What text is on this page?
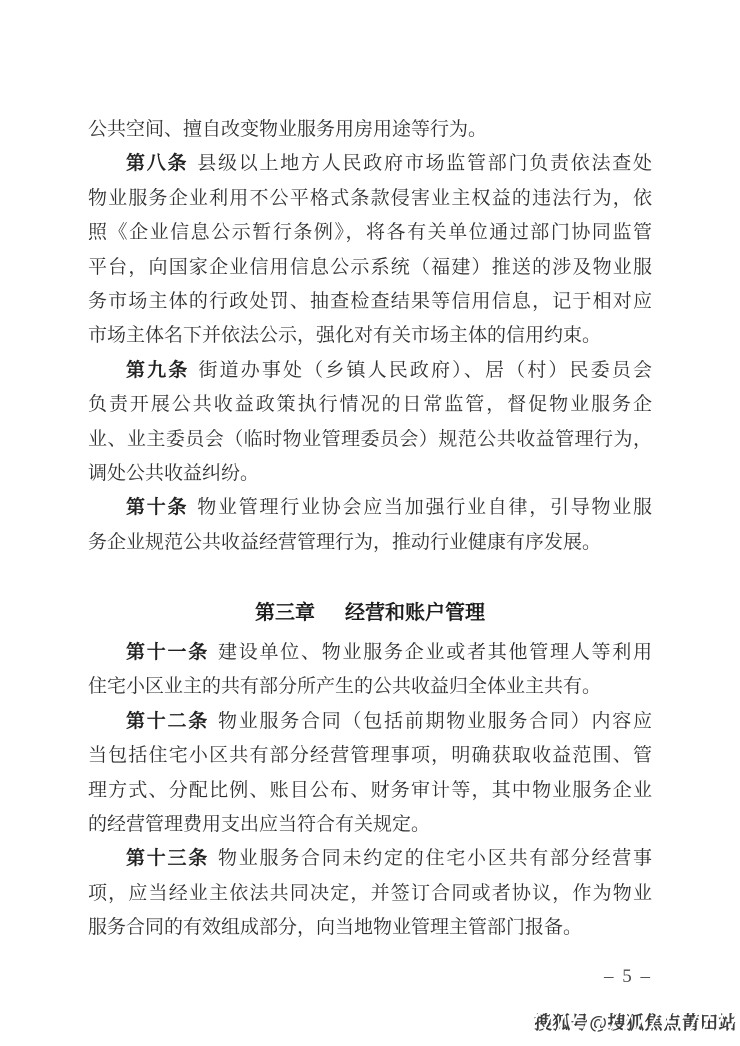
公共空间、擅自改变物业服务用房用途等行为。
第八条 县级以上地方人民政府市场监管部门负责依法查处
物业服务企业利用不公平格式条款侵害业主权益的违法行为，依
照《企业信息公示暂行条例》，将各有关单位通过部门协同监管
平台，向国家企业信用信息公示系统（福建）推送的涉及物业服
务市场主体的行政处罚、抽查检查结果等信用信息，记于相对应
市场主体名下并依法公示，强化对有关市场主体的信用约束。
第九条 街道办事处（乡镇人民政府）、居（村）民委员会
负责开展公共收益政策执行情况的日常监管，督促物业服务企
业、业主委员会（临时物业管理委员会）规范公共收益管理行为，
调处公共收益纠纷。
第十条 物业管理行业协会应当加强行业自律，引导物业服
务企业规范公共收益经营管理行为，推动行业健康有序发展。
第三章 经营和账户管理
第十一条 建设单位、物业服务企业或者其他管理人等利用
住宅小区业主的共有部分所产生的公共收益归全体业主共有。
第十二条 物业服务合同（包括前期物业服务合同）内容应
当包括住宅小区共有部分经营管理事项，明确获取收益范围、管
理方式、分配比例、账目公布、财务审计等，其中物业服务企业
的经营管理费用支出应当符合有关规定。
第十三条 物业服务合同未约定的住宅小区共有部分经营事
项，应当经业主依法共同决定，并签订合同或者协议，作为物业
服务合同的有效组成部分，向当地物业管理主管部门报备。
– 5 –
搜狐号@搜狐焦点莆田站
